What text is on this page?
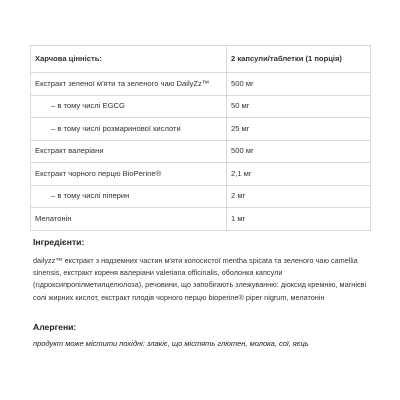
Харчова цінність:	2 капсули/таблетки (1 порція)
Екстракт зеленої м'яти та зеленого чаю DailyZz™	500 мг
– в тому числі EGCG	50 мг
– в тому числі розмаринової кислоти	25 мг
Екстракт валеріани	500 мг
Екстракт чорного перцю BioPerine®	2,1 мг
– в тому числі піперин	2 мг
Мелатонін	1 мг
Інгредієнти:

dailyzz™ екстракт з надземних частин м'яти колосистої mentha spicata та зеленого чаю camellia sinensis, екстракт кореня валеріани valeriana officinalis, оболонка капсули (гідроксипропілметилцелюлоза), речовини, що запобігають злежуванню: діоксид кремнію, магнієві солі жирних кислот, екстракт плодів чорного перцю bioperine® piper nigrum, мелатонін

Алергени:

продукт може містити похідні: злакіє, що містять глютен, молока, сої, яєць
